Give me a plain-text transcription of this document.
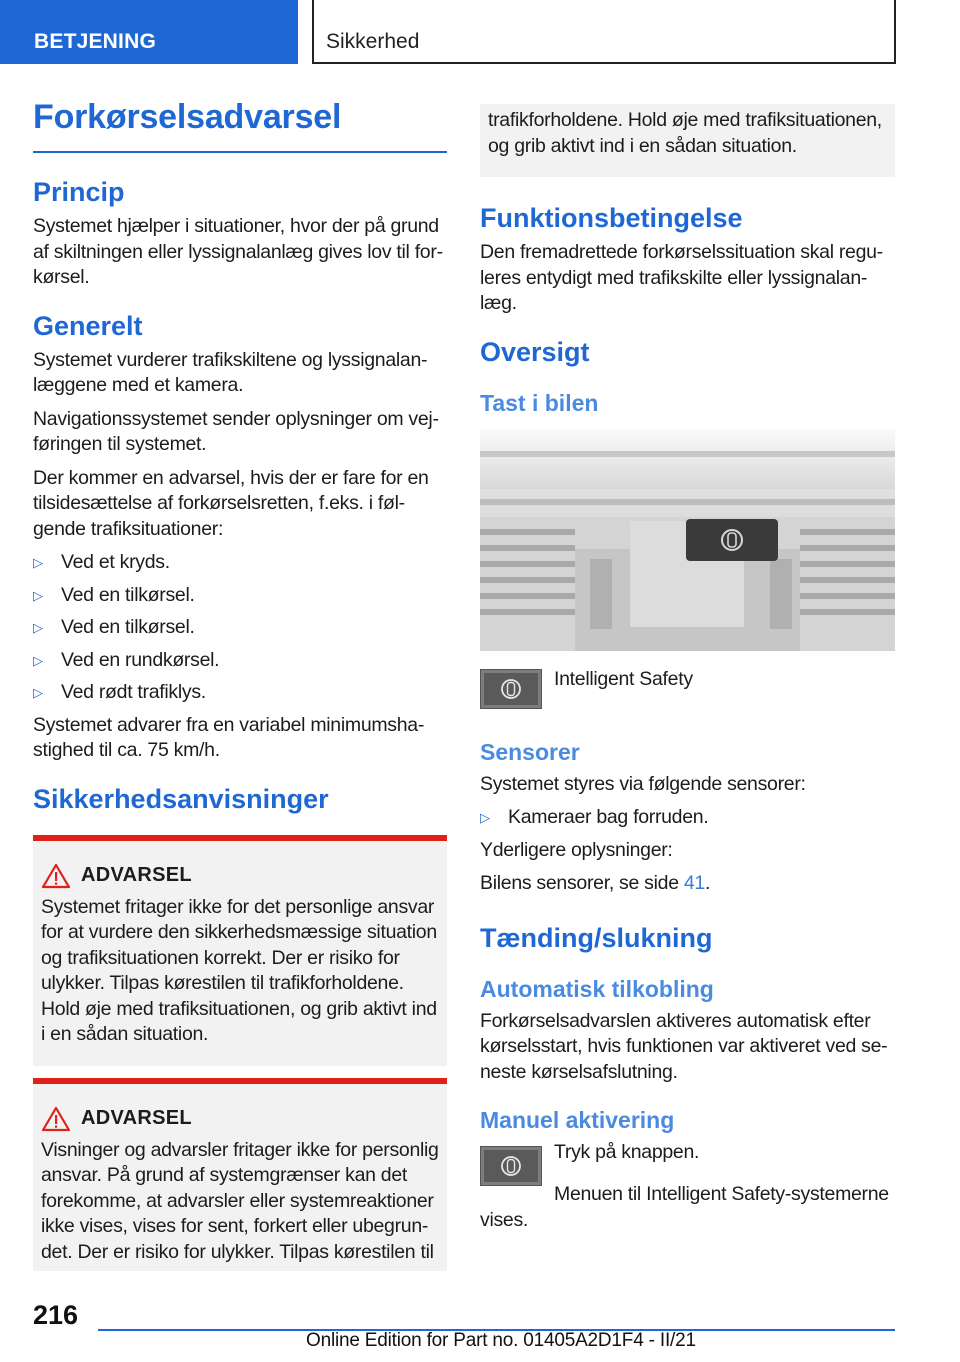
BETJENING	Sikkerhed
Forkørselsadvarsel
Princip

Systemet hjælper i situationer, hvor der på grund af skiltningen eller lyssignalanlæg gives lov til forkørsel.

Generelt

Systemet vurderer trafikskiltene og lyssignalanlæggene med et kamera.

Navigationssystemet sender oplysninger om vejføringen til systemet.

Der kommer en advarsel, hvis der er fare for en tilsidesættelse af forkørselsretten, f.eks. i følgende trafiksituationer:

▷ Ved et kryds.
▷ Ved en tilkørsel.
▷ Ved en tilkørsel.
▷ Ved en rundkørsel.
▷ Ved rødt trafiklys.

Systemet advarer fra en variabel minimumshastighed til ca. 75 km/h.

Sikkerhedsanvisninger
ADVARSEL

Systemet fritager ikke for det personlige ansvar for at vurdere den sikkerhedsmæssige situation og trafiksituationen korrekt. Der er risiko for ulykker. Tilpas kørestilen til trafikforholdene. Hold øje med trafiksituationen, og grib aktivt ind i en sådan situation.

ADVARSEL

Visninger og advarsler fritager ikke for personlig ansvar. På grund af systemgrænser kan det forekomme, at advarsler eller systemreaktioner ikke vises, vises for sent, forkert eller ubegrundet. Der er risiko for ulykker. Tilpas kørestilen til

trafikforholdene. Hold øje med trafiksituationen, og grib aktivt ind i en sådan situation.

Funktionsbetingelse

Den fremadrettede forkørselssituation skal reguleres entydigt med trafikskilte eller lyssignalanlæg.

Oversigt
Tast i bilen

Intelligent Safety

Sensorer

Systemet styres via følgende sensorer:

▷ Kameraer bag forruden.

Yderligere oplysninger:

Bilens sensorer, se side 41.

Tænding/slukning
Automatisk tilkobling

Forkørselsadvarslen aktiveres automatisk efter kørselsstart, hvis funktionen var aktiveret ved seneste kørselsafslutning.

Manuel aktivering

Tryk på knappen.

Menuen til Intelligent Safety-systemerne vises.

216
Online Edition for Part no. 01405A2D1F4 - II/21
